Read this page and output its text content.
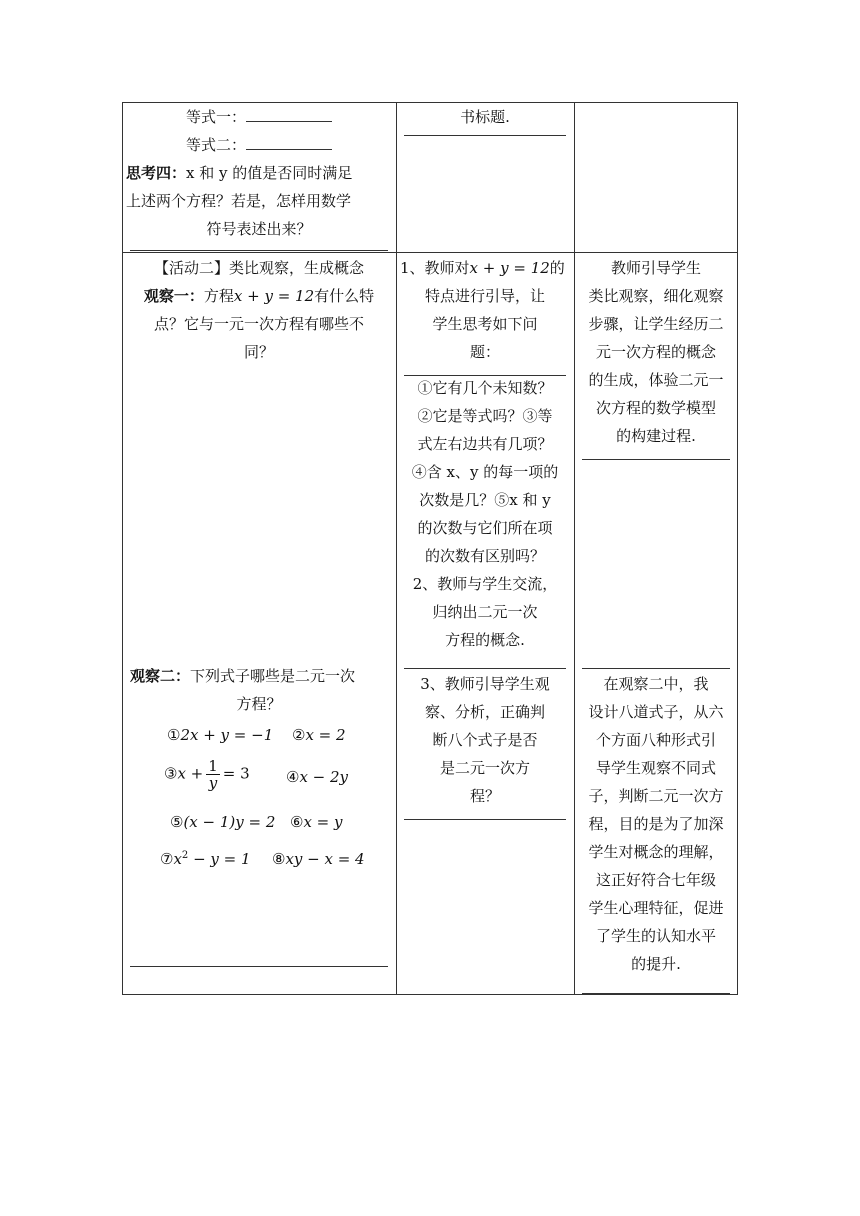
等式一：
等式二：
思考四：x 和 y 的值是否同时满足
上述两个方程？若是，怎样用数学
符号表述出来？
书标题.
【活动二】类比观察，生成概念
观察一：方程x + y = 12有什么特
点？它与一元一次方程有哪些不
同？
观察二：下列式子哪些是二元一次
方程？
①2x + y = −1 ②x = 2
③x + $\frac{1}{y} = 3$ ④x − 2y
⑤(x − 1)y = 2 ⑥x = y
$⑦x^2 - y = 1$ ⑧xy − x = 4
1、教师对x + y = 12的
特点进行引导，让
学生思考如下问
题：
①它有几个未知数？
②它是等式吗？③等
式左右边共有几项？
④含 x、y 的每一项的
次数是几？⑤x 和 y
的次数与它们所在项
的次数有区别吗？
2、教师与学生交流，
归纳出二元一次
方程的概念.
3、教师引导学生观
察、分析，正确判
断八个式子是否
是二元一次方
程？
教师引导学生
类比观察，细化观察
步骤，让学生经历二
元一次方程的概念
的生成，体验二元一
次方程的数学模型
的构建过程.
在观察二中，我
设计八道式子，从六
个方面八种形式引
导学生观察不同式
子，判断二元一次方
程，目的是为了加深
学生对概念的理解，
这正好符合七年级
学生心理特征，促进
了学生的认知水平
的提升.
